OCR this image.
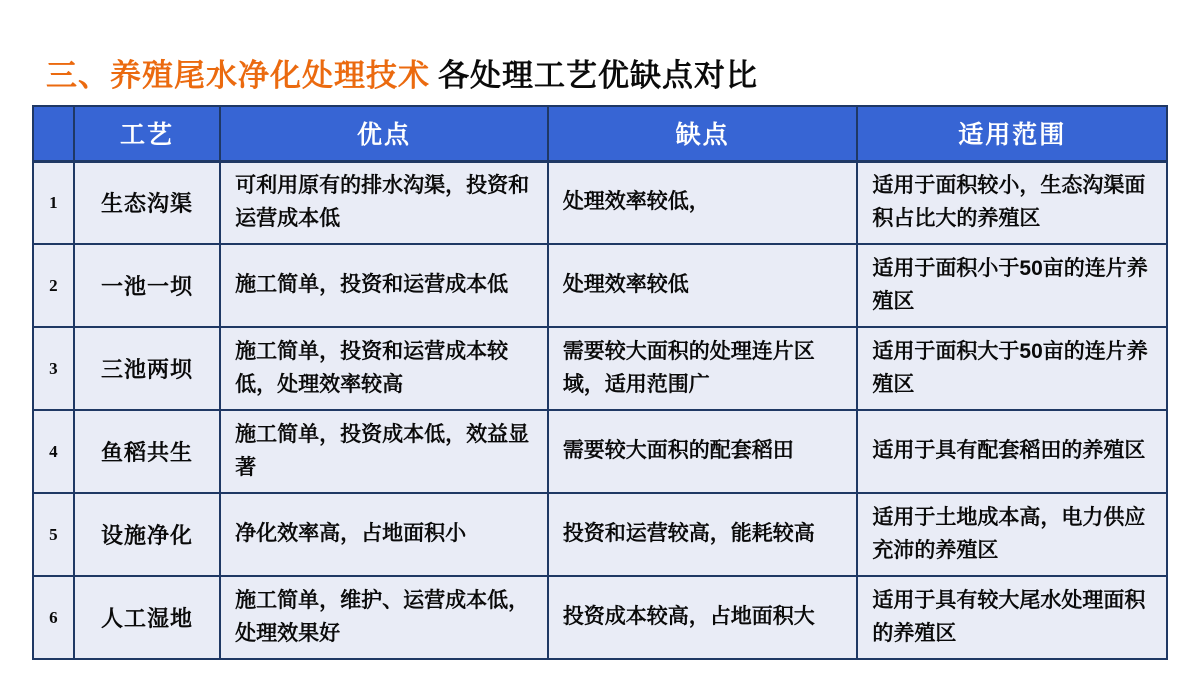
三、养殖尾水净化处理技术 各处理工艺优缺点对比
	工艺	优点	缺点	适用范围
1	生态沟渠	可利用原有的排水沟渠，投资和运营成本低	处理效率较低，	适用于面积较小，生态沟渠面积占比大的养殖区
2	一池一坝	施工简单，投资和运营成本低	处理效率较低	适用于面积小于50亩的连片养殖区
3	三池两坝	施工简单，投资和运营成本较低，处理效率较高	需要较大面积的处理连片区域，适用范围广	适用于面积大于50亩的连片养殖区
4	鱼稻共生	施工简单，投资成本低，效益显著	需要较大面积的配套稻田	适用于具有配套稻田的养殖区
5	设施净化	净化效率高，占地面积小	投资和运营较高，能耗较高	适用于土地成本高，电力供应充沛的养殖区
6	人工湿地	施工简单，维护、运营成本低，处理效果好	投资成本较高，占地面积大	适用于具有较大尾水处理面积的养殖区
